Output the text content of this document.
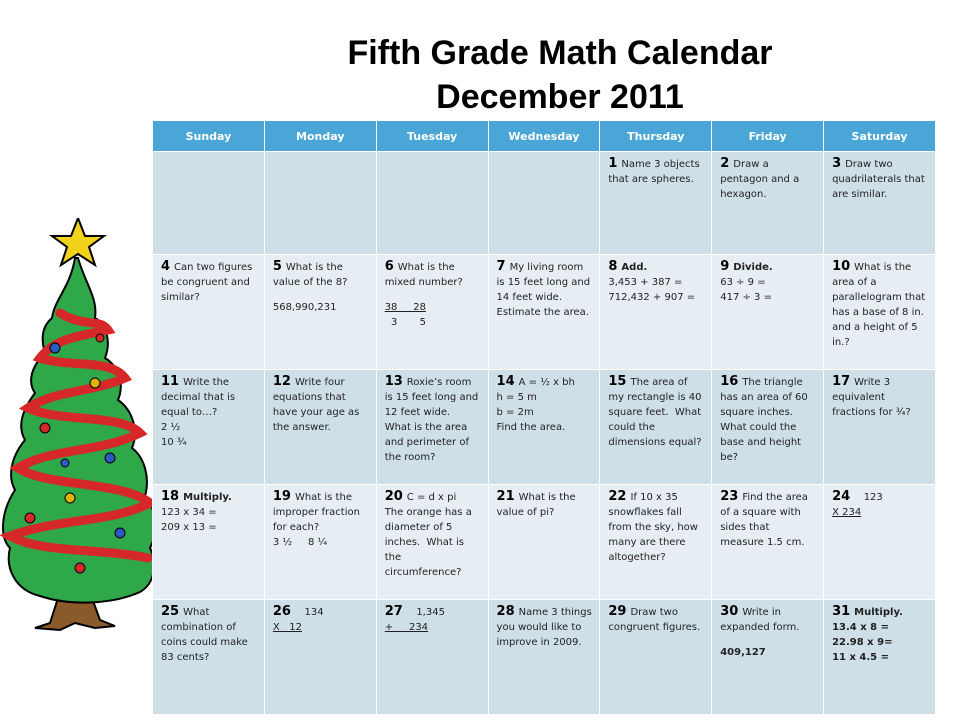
Fifth Grade Math Calendar
December 2011
Sunday	Monday	Tuesday	Wednesday	Thursday	Friday	Saturday
				1 Name 3 objects that are spheres.	2 Draw a pentagon and a hexagon.	3 Draw two quadrilaterals that are similar.

4 Can two figures be congruent and similar?	5 What is the value of the 8?

568,990,231	6 What is the mixed number?

38     28
3       5	7 My living room is 15 feet long and 14 feet wide.  Estimate the area.	8 Add.

3,453 + 387 =
712,432 + 907 =	9 Divide.

63 ÷ 9 =
417 ÷ 3 =	10 What is the area of a parallelogram that has a base of 8 in. and a height of 5 in.?

11 Write the decimal that is equal to…?

2 ½
10 ¾	12 Write four equations that have your age as the answer.	13 Roxie’s room is 15 feet long and 12 feet wide.  What is the area and perimeter of the room?	14 A = ½ x bh

h = 5 m
b = 2m
Find the area.	15 The area of my rectangle is 40 square feet.  What could the dimensions equal?	16 The triangle has an area of 60 square inches.  What could the base and height be?	17 Write 3 equivalent fractions for ¾?

18 Multiply.

123 x 34 =
209 x 13 =	19 What is the improper fraction for each?

3 ½     8 ¼	20 C = d x pi

The orange has a diameter of 5 inches.  What is the circumference?	21 What is the value of pi?	22 If 10 x 35 snowflakes fall from the sky, how many are there altogether?	23 Find the area of a square with sides that measure 1.5 cm.	24   123

X 234

25 What combination of coins could make 83 cents?	26   134

X   12	27   1,345

+     234	28 Name 3 things you would like to improve in 2009.	29 Draw two congruent figures.	30 Write in expanded form.

409,127	31 Multiply.

13.4 x 8 =
22.98 x 9=
11 x 4.5 =
